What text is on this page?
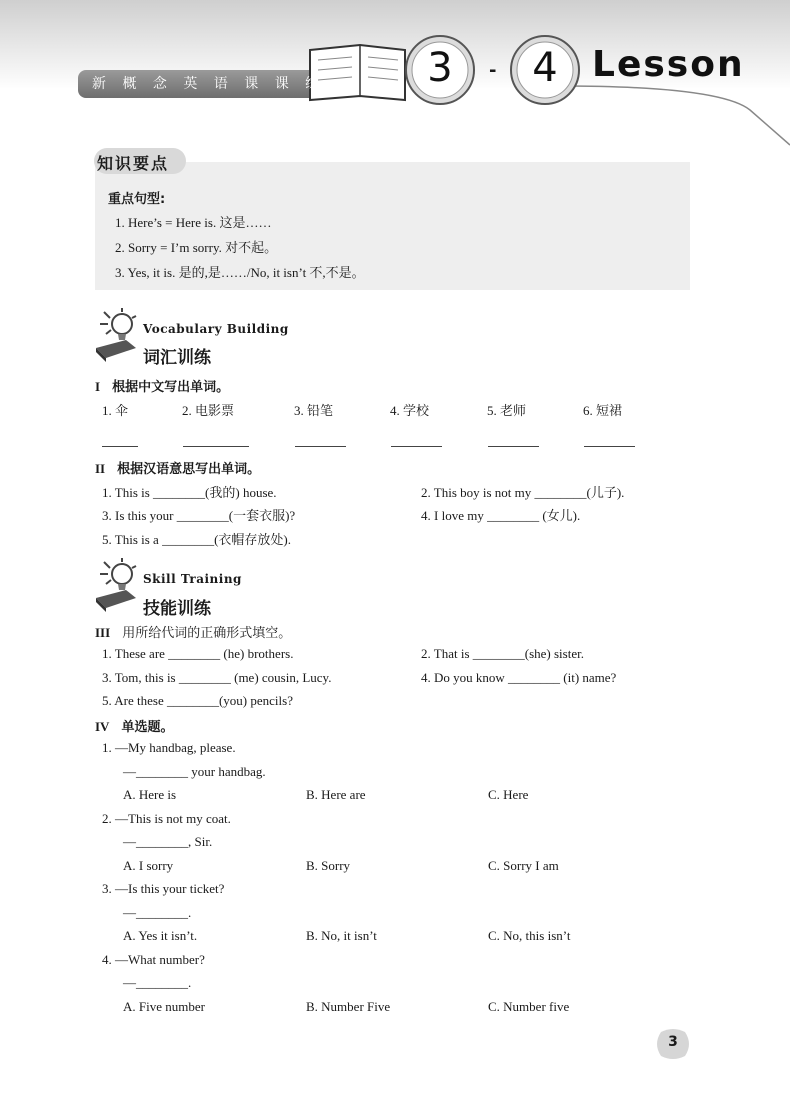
新 概 念 英 语 课 课 练 1
3	- 4 Lesson
知识要点
重点句型:
1. Here’s = Here is. 这是……
2. Sorry = I’m sorry. 对不起。
3. Yes, it is. 是的,是……/No, it isn’t 不,不是。
Vocabulary Building
词汇训练
I 根据中文写出单词。
1. 伞	2. 电影票	3. 铅笔	4. 学校	5. 老师	6. 短裙
II 根据汉语意思写出单词。
1. This is ________(我的) house.	2. This boy is not my ________(儿子).
3. Is this your ________(一套衣服)?	4. I love my ________ (女儿).
5. This is a ________(衣帽存放处).
Skill Training
技能训练
III 用所给代词的正确形式填空。
1. These are ________ (he) brothers.	2. That is ________(she) sister.
3. Tom, this is ________ (me) cousin, Lucy.	4. Do you know ________ (it) name?
5. Are these ________(you) pencils?
IV 单选题。
1. —My handbag, please.
—________ your handbag.
A. Here is	B. Here are	C. Here
2. —This is not my coat.
—________, Sir.
A. I sorry	B. Sorry	C. Sorry I am
3. —Is this your ticket?
—________.
A. Yes it isn’t.	B. No, it isn’t	C. No, this isn’t
4. —What number?
—________.
A. Five number	B. Number Five	C. Number five
3
